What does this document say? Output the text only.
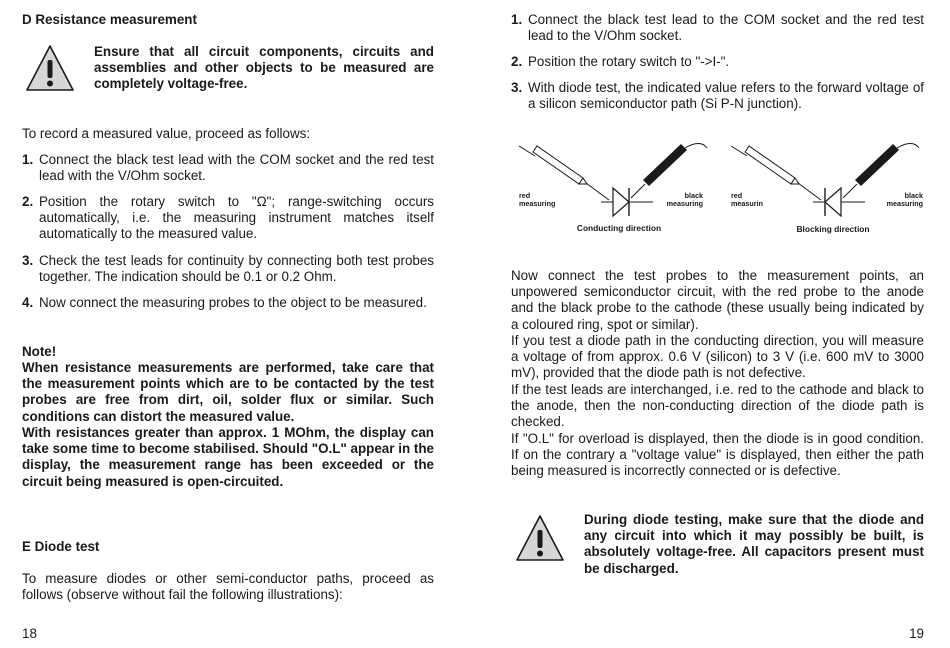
D Resistance measurement

Ensure that all circuit components, circuits and assemblies and other objects to be measured are completely voltage-free.

To record a measured value, proceed as follows:

1. Connect the black test lead with the COM socket and the red test lead with the V/Ohm socket.
2. Position the rotary switch to "Ω"; range-switching occurs automatically, i.e. the measuring instrument matches itself automatically to the measured value.
3. Check the test leads for continuity by connecting both test probes together. The indication should be 0.1 or 0.2 Ohm.
4. Now connect the measuring probes to the object to be measured.

Note!

When resistance measurements are performed, take care that the measurement points which are to be contacted by the test probes are free from dirt, oil, solder flux or similar. Such conditions can distort the measured value.

With resistances greater than approx. 1 MOhm, the display can take some time to become stabilised. Should "O.L" appear in the display, the measurement range has been exceeded or the circuit being measured is open-circuited.

E Diode test

To measure diodes or other semi-conductor paths, proceed as follows (observe without fail the following illustrations):

18
1. Connect the black test lead to the COM socket and the red test lead to the V/Ohm socket.
2. Position the rotary switch to "->I-".
3. With diode test, the indicated value refers to the forward voltage of a silicon semiconductor path (Si P-N junction).
red
measuring
black
measuring
Conducting direction
red
measurin
black
measuring
Blocking direction

Now connect the test probes to the measurement points, an unpowered semiconductor circuit, with the red probe to the anode and the black probe to the cathode (these usually being indicated by a coloured ring, spot or similar).

If you test a diode path in the conducting direction, you will measure a voltage of from approx. 0.6 V (silicon) to 3 V (i.e. 600 mV to 3000 mV), provided that the diode path is not defective.

If the test leads are interchanged, i.e. red to the cathode and black to the anode, then the non-conducting direction of the diode path is checked.

If "O.L" for overload is displayed, then the diode is in good condition. If on the contrary a "voltage value" is displayed, then either the path being measured is incorrectly connected or is defective.

During diode testing, make sure that the diode and any circuit into which it may possibly be built, is absolutely voltage-free. All capacitors present must be discharged.

19
